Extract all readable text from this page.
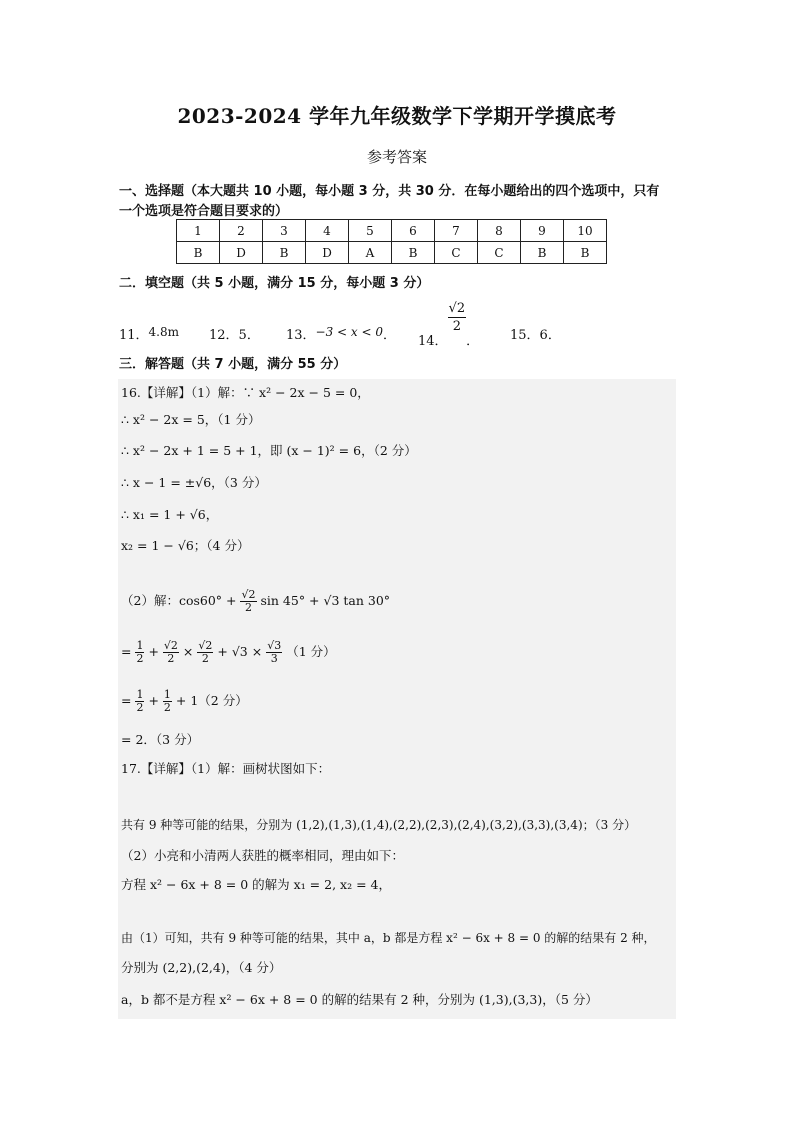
2023-2024 学年九年级数学下学期开学摸底考
参考答案
一、选择题（本大题共 10 小题，每小题 3 分，共 30 分．在每小题给出的四个选项中，只有
一个选项是符合题目要求的）
1	2	3	4	5	6	7	8	9	10
B	D	B	D	A	B	C	C	B	B
二．填空题（共 5 小题，满分 15 分，每小题 3 分）
11．4.8m 12．5． 13．−3 < x < 0． 14．
$\frac{√2}{2}$
． 15．6．
三．解答题（共 7 小题，满分 55 分）
16.【详解】（1）解：∵ x² − 2x − 5 = 0，
∴ x² − 2x = 5，（1 分）
∴ x² − 2x + 1 = 5 + 1，即 (x − 1)² = 6，（2 分）
∴ x − 1 = ±√6，（3 分）
∴ x₁ = 1 + √6，
x₂ = 1 − √6；（4 分）
（2）解：$\cos 60^\circ + \frac{√2}{2}$ sin 45° + √3 tan 30°
= $\frac{1}{2} + \frac{√2}{2} \times \frac{√2}{2} + √3 \times \frac{√3}{3} (1$ 分）
= $\frac{1}{2} + \frac{1}{2} + 1(2$ 分）
= 2．（3 分）
17.【详解】（1）解：画树状图如下：
共有 9 种等可能的结果，分别为 (1,2),(1,3),(1,4),(2,2),(2,3),(2,4),(3,2),(3,3),(3,4)；（3 分）
（2）小亮和小清两人获胜的概率相同，理由如下：
方程 x² − 6x + 8 = 0 的解为 x₁ = 2, x₂ = 4，
由（1）可知，共有 9 种等可能的结果，其中 a，b 都是方程 x² − 6x + 8 = 0 的解的结果有 2 种，
分别为 (2,2),(2,4)，（4 分）
a，b 都不是方程 x² − 6x + 8 = 0 的解的结果有 2 种，分别为 (1,3),(3,3)，（5 分）
